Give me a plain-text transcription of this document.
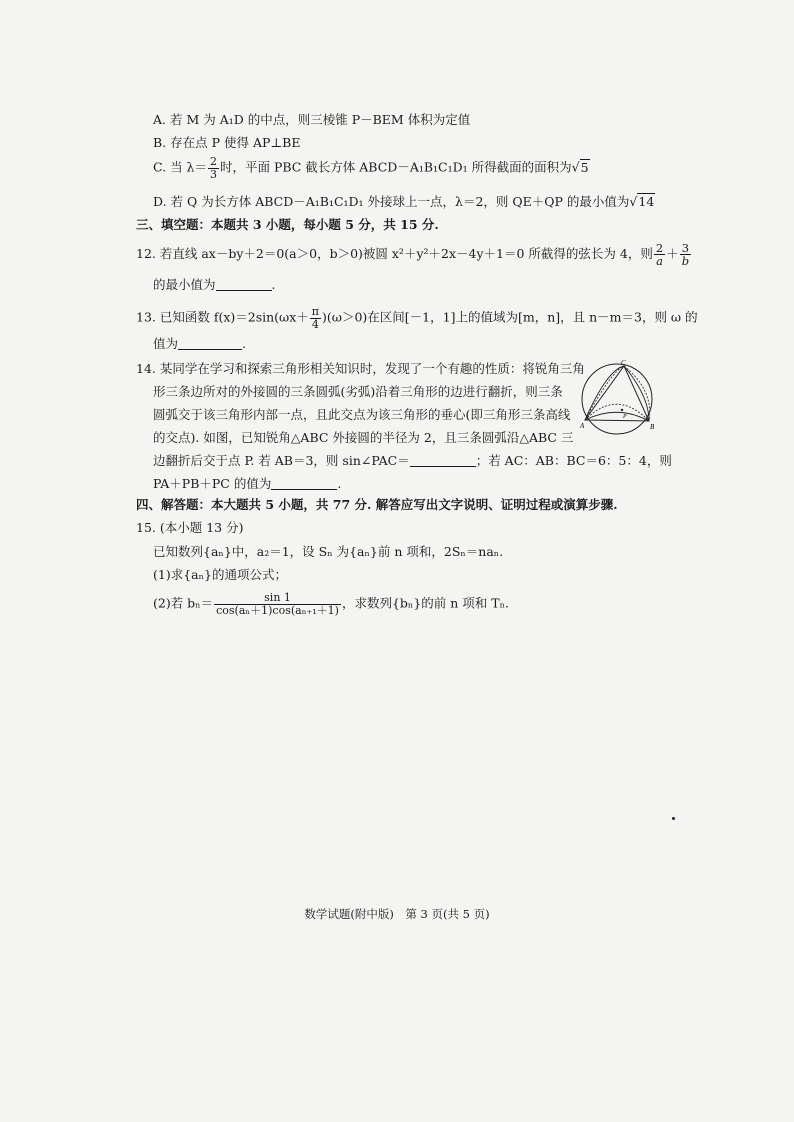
A. 若 M 为 A₁D 的中点，则三棱锥 P－BEM 体积为定值
B. 存在点 P 使得 AP⊥BE
C. 当 $\lambda= \frac{2}{3}$ 时，平面 PBC 截长方体 ABCD－A₁B₁C₁D₁ 所得截面的面积为√5
D. 若 Q 为长方体 ABCD－A₁B₁C₁D₁ 外接球上一点，λ＝2，则 QE＋QP 的最小值为√14
三、填空题：本题共 3 小题，每小题 5 分，共 15 分.
12. 若直线 ax－by＋2＝0(a＞0，b＞0)被圆 x²＋y²＋2x－4y＋1＝0 所截得的弦长为 4，则 $\frac{2}{a} + \frac{3}{b}$
的最小值为	.
13. 已知函数 $f(x)=2\sin(\omega x+ \frac{\pi}{4} )(\omega>0)$在区间[－1，1]上的值域为[m，n]，且 n－m＝3，则 ω 的
值为	.
14. 某同学在学习和探索三角形相关知识时，发现了一个有趣的性质：将锐角三角
形三条边所对的外接圆的三条圆弧(劣弧)沿着三角形的边进行翻折，则三条
圆弧交于该三角形内部一点，且此交点为该三角形的垂心(即三角形三条高线
的交点). 如图，已知锐角△ABC 外接圆的半径为 2，且三条圆弧沿△ABC 三
边翻折后交于点 P. 若 AB＝3，则 sin∠PAC＝	；若 AC：AB：BC＝6：5：4，则
PA＋PB＋PC 的值为	.
A	B
C
P
四、解答题：本大题共 5 小题，共 77 分. 解答应写出文字说明、证明过程或演算步骤.
15. (本小题 13 分)
已知数列{aₙ}中，a₂＝1，设 Sₙ 为{aₙ}前 n 项和，2Sₙ＝naₙ.
(1)求{aₙ}的通项公式；
(2)若 $b_n= \frac{\sin 1}{\text{cos(aₙ＋1)cos(aₙ₊₁＋1)}}$ ，求数列{bₙ}的前 n 项和 Tₙ.
数学试题(附中版)　第 3 页(共 5 页)
